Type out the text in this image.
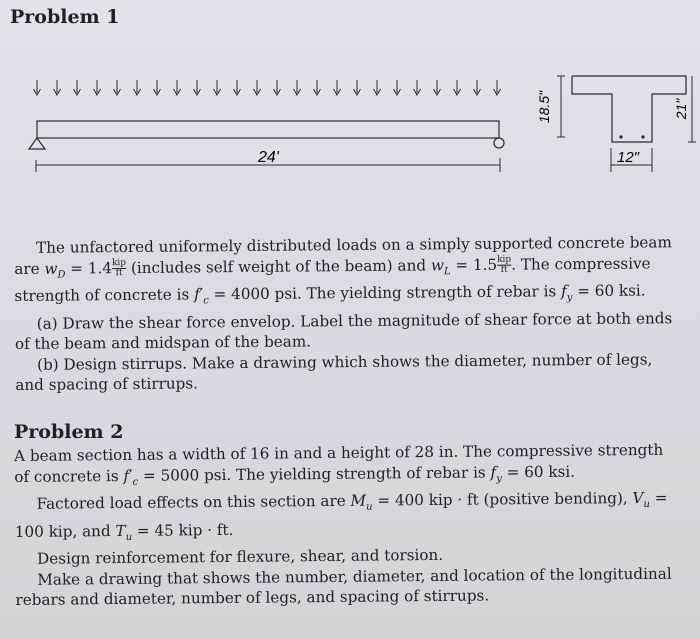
Problem 1
24'
18.5"	21"
12"
The unfactored uniformely distributed loads on a simply supported concrete beam
are $w_D = 1.4$ kip
ft (includes self weight of the beam) and $w_L = 1.5$ kip
ft . The compressive
strength of concrete is $f'_c = 4000$ psi. The yielding strength of rebar is $f_y = 60$ ksi.
(a) Draw the shear force envelop. Label the magnitude of shear force at both ends
of the beam and midspan of the beam.
(b) Design stirrups. Make a drawing which shows the diameter, number of legs,
and spacing of stirrups.
Problem 2
A beam section has a width of 16 in and a height of 28 in. The compressive strength
of concrete is $f'_c = 5000$ psi. The yielding strength of rebar is $f_y = 60$ ksi.
Factored load effects on this section are $M_u = 400$ kip · ft (positive bending), $V_u$ =
100 kip, and $T_u = 45$ kip · ft.
Design reinforcement for flexure, shear, and torsion.
Make a drawing that shows the number, diameter, and location of the longitudinal
rebars and diameter, number of legs, and spacing of stirrups.
